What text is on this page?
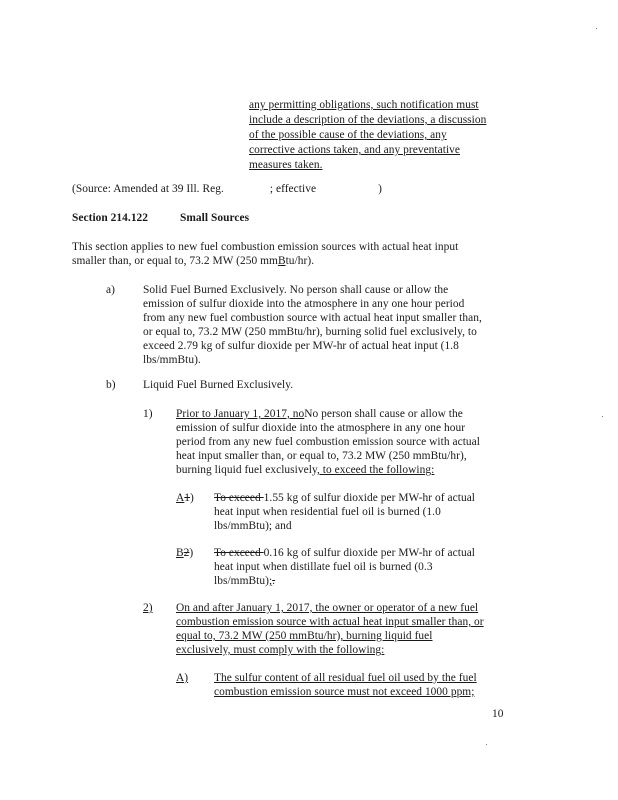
any permitting obligations, such notification must
include a description of the deviations, a discussion
of the possible cause of the deviations, any
corrective actions taken, and any preventative
measures taken.
(Source: Amended at 39 Ill. Reg.	; effective	)
Section 214.122	Small Sources
This section applies to new fuel combustion emission sources with actual heat input
smaller than, or equal to, 73.2 MW (250 mmBtu/hr).
a) Solid Fuel Burned Exclusively. No person shall cause or allow the
emission of sulfur dioxide into the atmosphere in any one hour period
from any new fuel combustion source with actual heat input smaller than,
or equal to, 73.2 MW (250 mmBtu/hr), burning solid fuel exclusively, to
exceed 2.79 kg of sulfur dioxide per MW-hr of actual heat input (1.8
lbs/mmBtu).
b) Liquid Fuel Burned Exclusively.
1) Prior to January 1, 2017, noNo person shall cause or allow the
emission of sulfur dioxide into the atmosphere in any one hour
period from any new fuel combustion emission source with actual
heat input smaller than, or equal to, 73.2 MW (250 mmBtu/hr),
burning liquid fuel exclusively, to exceed the following:
A1) To exceed 1.55 kg of sulfur dioxide per MW-hr of actual
heat input when residential fuel oil is burned (1.0
lbs/mmBtu); and
B2) To exceed 0.16 kg of sulfur dioxide per MW-hr of actual
heat input when distillate fuel oil is burned (0.3
lbs/mmBtu);.
2) On and after January 1, 2017, the owner or operator of a new fuel
combustion emission source with actual heat input smaller than, or
equal to, 73.2 MW (250 mmBtu/hr), burning liquid fuel
exclusively, must comply with the following:
A) The sulfur content of all residual fuel oil used by the fuel
combustion emission source must not exceed 1000 ppm;
10
